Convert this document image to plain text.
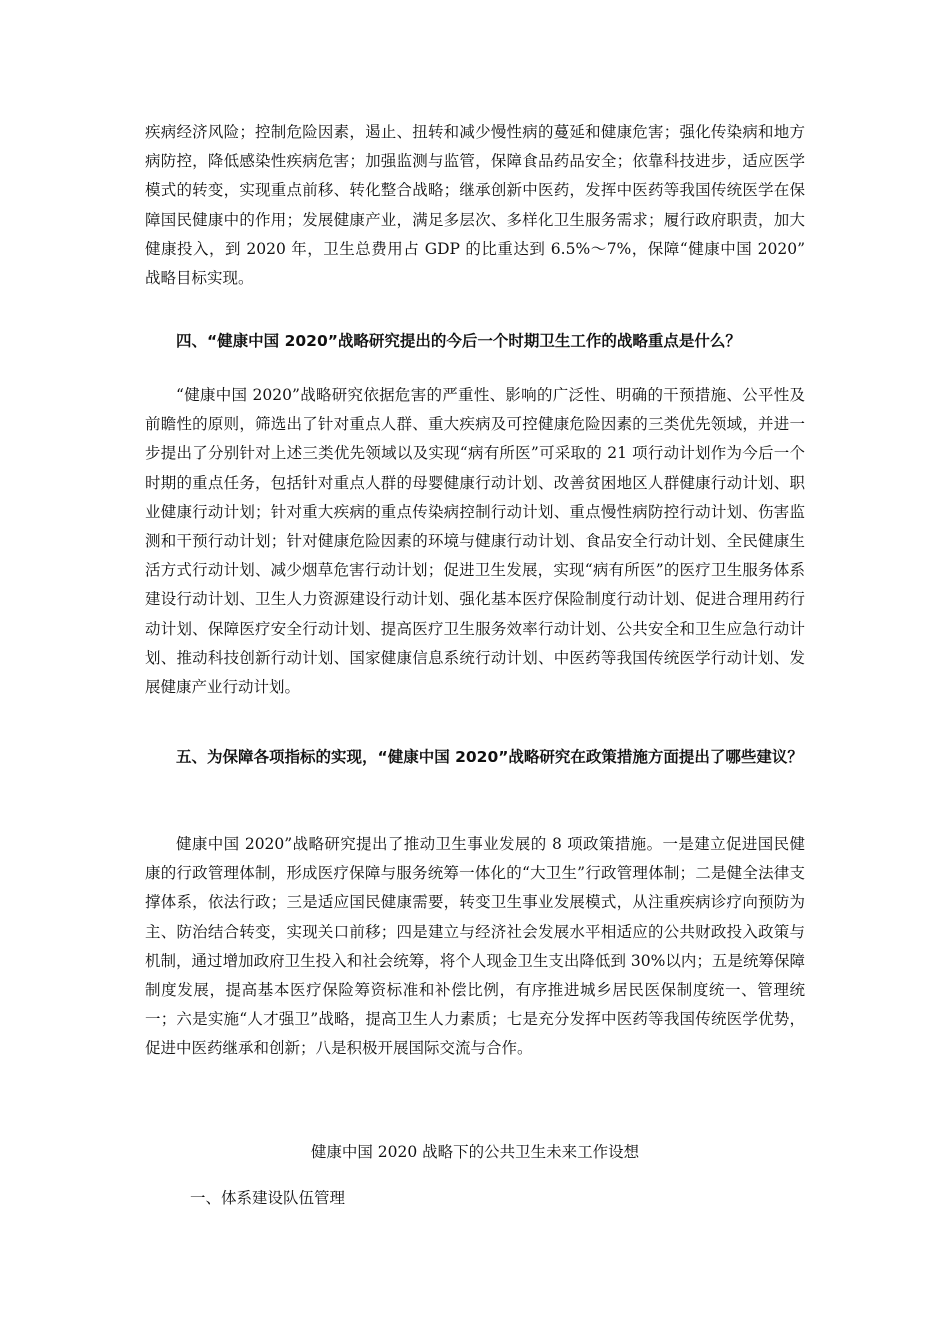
疾病经济风险；控制危险因素，遏止、扭转和减少慢性病的蔓延和健康危害；强化传染病和地方病防控，降低感染性疾病危害；加强监测与监管，保障食品药品安全；依靠科技进步，适应医学模式的转变，实现重点前移、转化整合战略；继承创新中医药，发挥中医药等我国传统医学在保障国民健康中的作用；发展健康产业，满足多层次、多样化卫生服务需求；履行政府职责，加大健康投入，到 2020 年，卫生总费用占 GDP 的比重达到 6.5%～7%，保障“健康中国 2020” 战略目标实现。

四、“健康中国 2020”战略研究提出的今后一个时期卫生工作的战略重点是什么？

“健康中国 2020”战略研究依据危害的严重性、影响的广泛性、明确的干预措施、公平性及前瞻性的原则，筛选出了针对重点人群、重大疾病及可控健康危险因素的三类优先领域，并进一步提出了分别针对上述三类优先领域以及实现“病有所医”可采取的 21 项行动计划作为今后一个时期的重点任务，包括针对重点人群的母婴健康行动计划、改善贫困地区人群健康行动计划、职业健康行动计划；针对重大疾病的重点传染病控制行动计划、重点慢性病防控行动计划、伤害监测和干预行动计划；针对健康危险因素的环境与健康行动计划、食品安全行动计划、全民健康生活方式行动计划、减少烟草危害行动计划；促进卫生发展，实现“病有所医”的医疗卫生服务体系建设行动计划、卫生人力资源建设行动计划、强化基本医疗保险制度行动计划、促进合理用药行动计划、保障医疗安全行动计划、提高医疗卫生服务效率行动计划、公共安全和卫生应急行动计划、推动科技创新行动计划、国家健康信息系统行动计划、中医药等我国传统医学行动计划、发展健康产业行动计划。

五、为保障各项指标的实现，“健康中国 2020”战略研究在政策措施方面提出了哪些建议？

健康中国 2020”战略研究提出了推动卫生事业发展的 8 项政策措施。一是建立促进国民健康的行政管理体制，形成医疗保障与服务统筹一体化的“大卫生”行政管理体制；二是健全法律支撑体系，依法行政；三是适应国民健康需要，转变卫生事业发展模式，从注重疾病诊疗向预防为主、防治结合转变，实现关口前移；四是建立与经济社会发展水平相适应的公共财政投入政策与机制，通过增加政府卫生投入和社会统筹，将个人现金卫生支出降低到 30%以内；五是统筹保障制度发展，提高基本医疗保险筹资标准和补偿比例，有序推进城乡居民医保制度统一、管理统一；六是实施“人才强卫”战略，提高卫生人力素质；七是充分发挥中医药等我国传统医学优势，促进中医药继承和创新；八是积极开展国际交流与合作。

健康中国 2020 战略下的公共卫生未来工作设想

一、体系建设队伍管理
